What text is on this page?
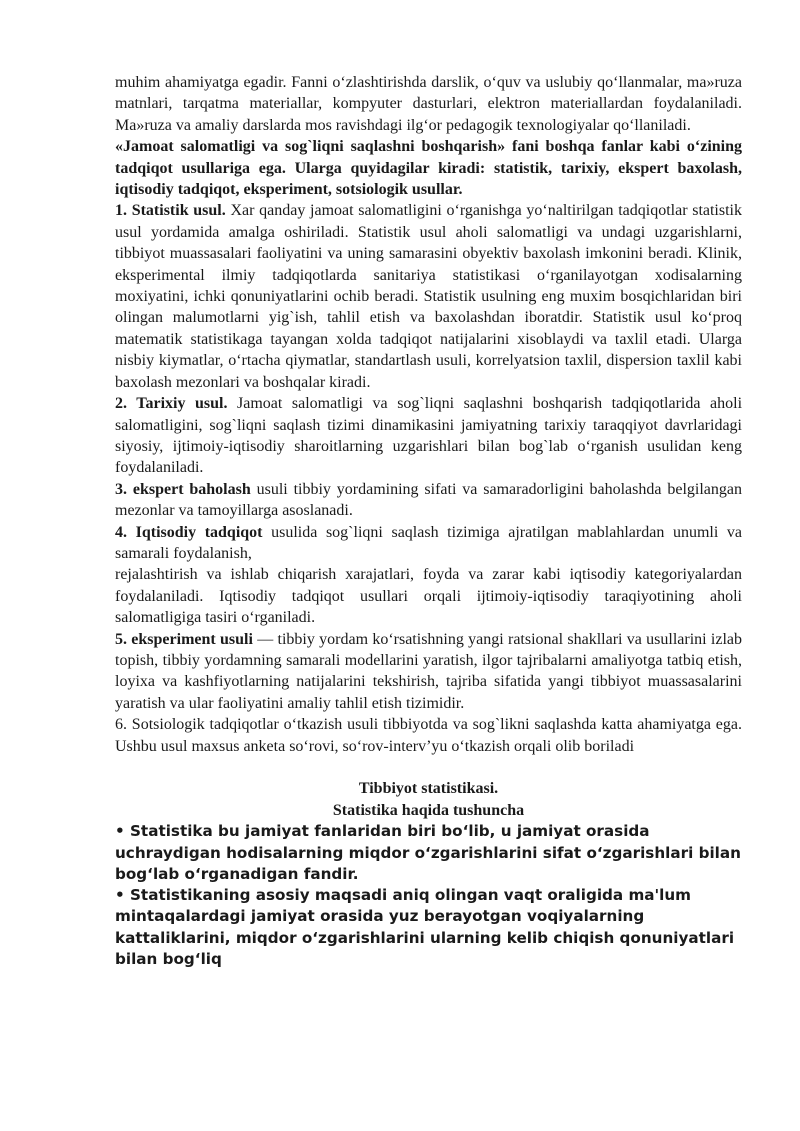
muhim ahamiyatga egadir. Fanni o‘zlashtirishda darslik, o‘quv va uslubiy qo‘llanmalar, ma»ruza matnlari, tarqatma materiallar, kompyuter dasturlari, elektron materiallardan foydalaniladi. Ma»ruza va amaliy darslarda mos ravishdagi ilg‘or pedagogik texnologiyalar qo‘llaniladi.

«Jamoat salomatligi va sog`liqni saqlashni boshqarish» fani boshqa fanlar kabi o‘zining tadqiqot usullariga ega. Ularga quyidagilar kiradi: statistik, tarixiy, ekspert baxolash, iqtisodiy tadqiqot, eksperiment, sotsiologik usullar.

1. Statistik usul. Xar qanday jamoat salomatligini o‘rganishga yo‘naltirilgan tadqiqotlar statistik usul yordamida amalga oshiriladi. Statistik usul aholi salomatligi va undagi uzgarishlarni, tibbiyot muassasalari faoliyatini va uning samarasini obyektiv baxolash imkonini beradi. Klinik, eksperimental ilmiy tadqiqotlarda sanitariya statistikasi o‘rganilayotgan xodisalarning moxiyatini, ichki qonuniyatlarini ochib beradi. Statistik usulning eng muxim bosqichlaridan biri olingan malumotlarni yig`ish, tahlil etish va baxolashdan iboratdir. Statistik usul ko‘proq matematik statistikaga tayangan xolda tadqiqot natijalarini xisoblaydi va taxlil etadi. Ularga nisbiy kiymatlar, o‘rtacha qiymatlar, standartlash usuli, korrelyatsion taxlil, dispersion taxlil kabi baxolash mezonlari va boshqalar kiradi.

2. Tarixiy usul. Jamoat salomatligi va sog`liqni saqlashni boshqarish tadqiqotlarida aholi salomatligini, sog`liqni saqlash tizimi dinamikasini jamiyatning tarixiy taraqqiyot davrlaridagi siyosiy, ijtimoiy-iqtisodiy sharoitlarning uzgarishlari bilan bog`lab o‘rganish usulidan keng foydalaniladi.

3. ekspert baholash usuli tibbiy yordamining sifati va samaradorligini baholashda belgilangan mezonlar va tamoyillarga asoslanadi.

4. Iqtisodiy tadqiqot usulida sog`liqni saqlash tizimiga ajratilgan mablahlardan unumli va samarali foydalanish,

rejalashtirish va ishlab chiqarish xarajatlari, foyda va zarar kabi iqtisodiy kategoriyalardan foydalaniladi. Iqtisodiy tadqiqot usullari orqali ijtimoiy-iqtisodiy taraqiyotining aholi salomatligiga tasiri o‘rganiladi.

5. eksperiment usuli — tibbiy yordam ko‘rsatishning yangi ratsional shakllari va usullarini izlab topish, tibbiy yordamning samarali modellarini yaratish, ilgor tajribalarni amaliyotga tatbiq etish, loyixa va kashfiyotlarning natijalarini tekshirish, tajriba sifatida yangi tibbiyot muassasalarini yaratish va ular faoliyatini amaliy tahlil etish tizimidir.

6. Sotsiologik tadqiqotlar o‘tkazish usuli tibbiyotda va sog`likni saqlashda katta ahamiyatga ega. Ushbu usul maxsus anketa so‘rovi, so‘rov-interv’yu o‘tkazish orqali olib boriladi

Tibbiyot statistikasi.

Statistika haqida tushuncha

• Statistika bu jamiyat fanlaridan biri bo‘lib, u jamiyat orasida uchraydigan hodisalarning miqdor o‘zgarishlarini sifat o‘zgarishlari bilan bog‘lab o‘rganadigan fandir.

• Statistikaning asosiy maqsadi aniq olingan vaqt oraligida ma'lum mintaqalardagi jamiyat orasida yuz berayotgan voqiyalarning kattaliklarini, miqdor o‘zgarishlarini ularning kelib chiqish qonuniyatlari bilan bog‘liq
